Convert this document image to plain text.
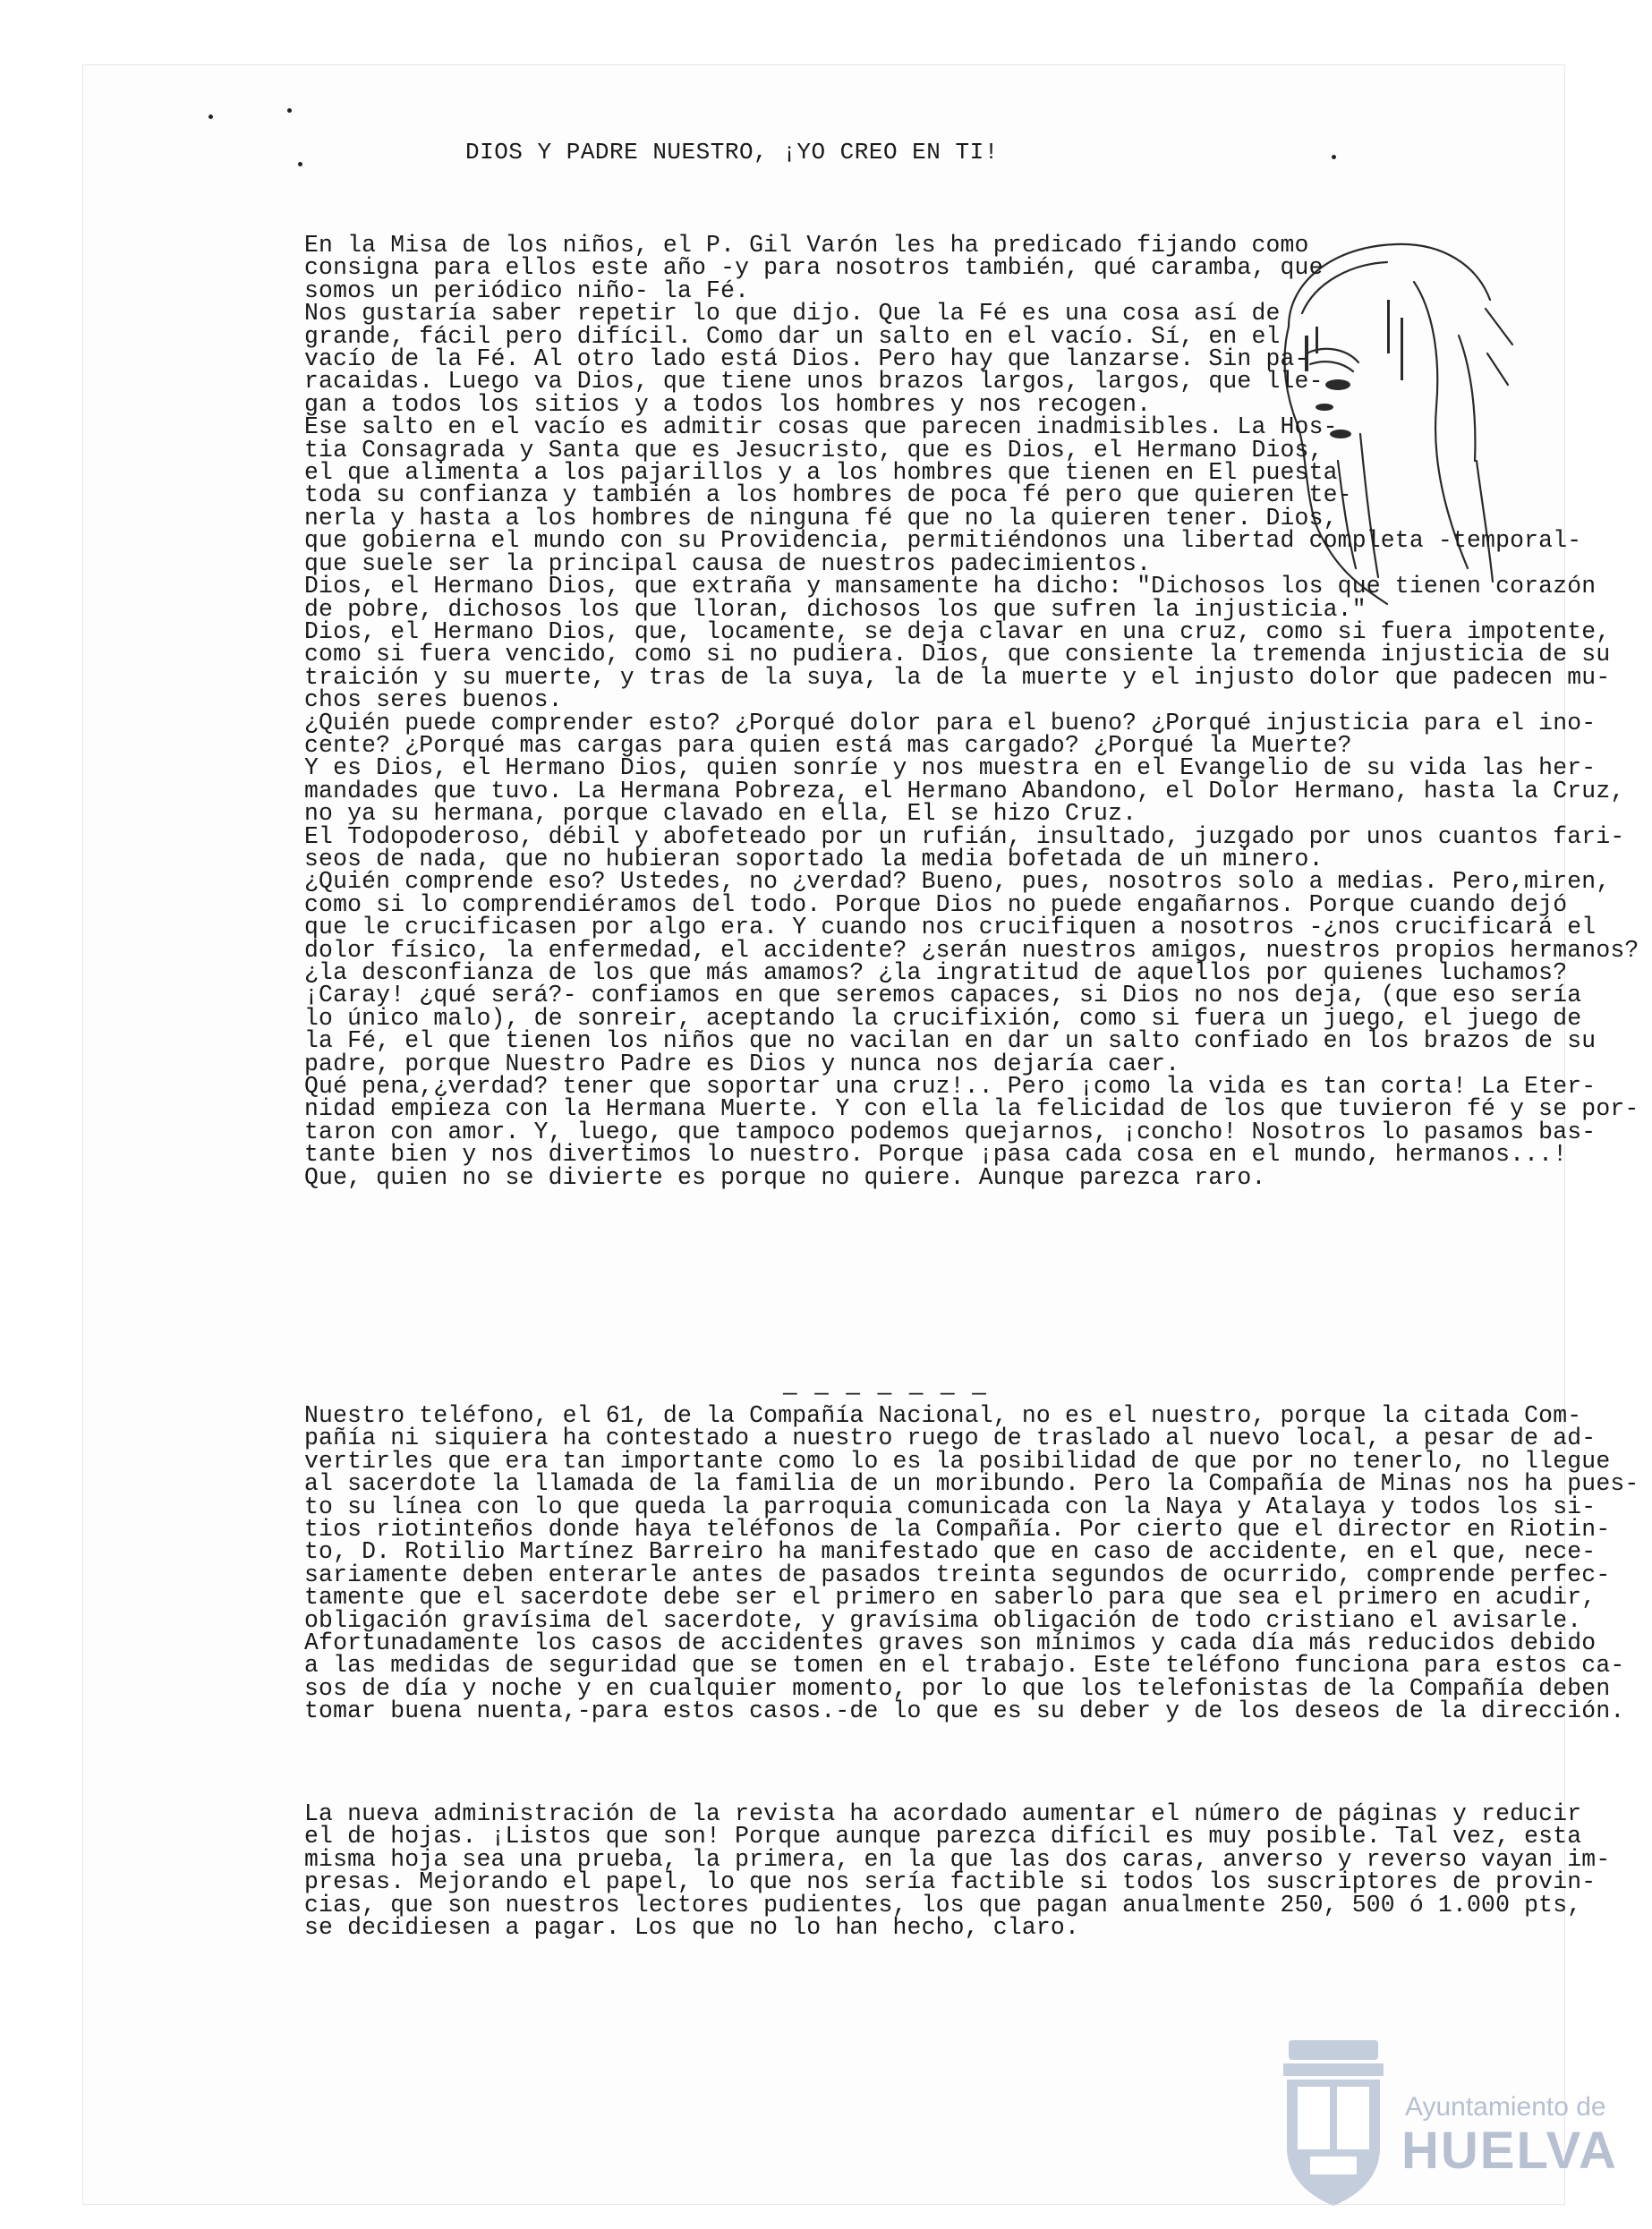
DIOS Y PADRE NUESTRO, ¡YO CREO EN TI!
En la Misa de los niños, el P. Gil Varón les ha predicado fijando como
consigna para ellos este año -y para nosotros también, qué caramba, que
somos un periódico niño- la Fé.
Nos gustaría saber repetir lo que dijo. Que la Fé es una cosa así de
grande, fácil pero difícil. Como dar un salto en el vacío. Sí, en el
vacío de la Fé. Al otro lado está Dios. Pero hay que lanzarse. Sin pa-
racaidas. Luego va Dios, que tiene unos brazos largos, largos, que lle-
gan a todos los sitios y a todos los hombres y nos recogen.
Ese salto en el vacío es admitir cosas que parecen inadmisibles. La Hos-
tia Consagrada y Santa que es Jesucristo, que es Dios, el Hermano Dios,
el que alimenta a los pajarillos y a los hombres que tienen en El puesta
toda su confianza y también a los hombres de poca fé pero que quieren te-
nerla y hasta a los hombres de ninguna fé que no la quieren tener. Dios,
que gobierna el mundo con su Providencia, permitiéndonos una libertad completa -temporal-
que suele ser la principal causa de nuestros padecimientos.
Dios, el Hermano Dios, que extraña y mansamente ha dicho: "Dichosos los que tienen
de pobre, dichosos los que lloran, dichosos los que sufren la injusticia."
Dios, el Hermano Dios, que, locamente, se deja clavar en una cruz, como si fuera impotente,
como si fuera vencido, como si no pudiera. Dios, que consiente la tremenda injusticia  su
traición y su muerte, y tras de la suya, la de la muerte y el injusto dolor que padecen mu-
chos seres buenos.
¿Quién puede comprender esto? ¿Porqué dolor para el bueno? ¿Porqué injusticia para el ino-
cente? ¿Porqué mas cargas para quien está mas cargado? ¿Porqué la Muerte?
Y es Dios, el Hermano Dios, quien sonríe y nos muestra en el Evangelio de su vida las her-
mandades que tuvo. La Hermana Pobreza, el Hermano Abandono, el Dolor Hermano, hasta la Cruz,
no ya su hermana, porque clavado en ella, El se hizo Cruz.
El Todopoderoso, débil y abofeteado por un rufián, insultado, juzgado por unos cuantos fari-
seos de nada, que no hubieran soportado la media bofetada de un minero.
¿Quién comprende eso? Ustedes, no ¿verdad? Bueno, pues, nosotros solo a medias. Pero,miren,
como si lo comprendiéramos del todo. Porque Dios no puede engañarnos. Porque cuando dejó
que le crucificasen por algo era. Y cuando nos crucifiquen a nosotros -¿nos crucificará el
dolor físico, la enfermedad, el accidente? ¿serán nuestros amigos, nuestros propios hermanos?
¿la desconfianza de los que más amamos? ¿la ingratitud de aquellos por quienes luchamos?
¡Caray! ¿qué será?- confiamos en que seremos capaces, si Dios no nos deja, (que eso
lo único malo), de sonreir, aceptando la crucifixión, como si fuera un juego, el juego de
la Fé, el que tienen los niños que no vacilan en dar un salto confiado en los brazos de su
padre, porque Nuestro Padre es Dios y nunca nos dejaría caer.
Qué pena,¿verdad? tener que soportar una cruz!.. Pero ¡como la vida es tan corta! La
nidad empieza con la Hermana Muerte. Y con ella la felicidad de los que tuvieron fé y  por-
taron con amor. Y, luego, que tampoco podemos quejarnos, ¡concho! Nosotros lo pasamos bas-
tante bien y nos divertimos lo nuestro. Porque ¡pasa cada cosa en el mundo, hermanos...!
Que, quien no se divierte es porque no quiere. Aunque parezca raro.
— — — — — — —
Nuestro teléfono, el 61, de la Compañía Nacional, no es el nuestro, porque la citada
pañía ni siquiera ha contestado a nuestro ruego de traslado al nuevo local, a pesar de ad-
vertirles que era tan importante como lo es la posibilidad de que por no tenerlo, no llegue
al sacerdote la llamada de la familia de un moribundo. Pero la Compañía de Minas nos ha pues-
to su línea con lo que queda la parroquia comunicada con la Naya y Atalaya y todos los si-
tios riotinteños donde haya teléfonos de la Compañía. Por cierto que el director en
to, D. Rotilio Martínez Barreiro ha manifestado que en caso de accidente, en el que,
sariamente deben enterarle antes de pasados treinta segundos de ocurrido, comprende
tamente que el sacerdote debe ser el primero en saberlo para que sea el primero en
obligación gravísima del sacerdote, y gravísima obligación de todo cristiano el avisarle.
Afortunadamente los casos de accidentes graves son mínimos y cada día más reducidos
a las medidas de seguridad que se tomen en el trabajo. Este teléfono funciona para estos ca-
sos de día y noche y en cualquier momento, por lo que los telefonistas de la Compañía deben
tomar buena nuenta,-para estos casos.-de lo que es su deber y de los deseos de la
La nueva administración de la revista ha acordado aumentar el número de páginas y reducir
el de hojas. ¡Listos que son! Porque aunque parezca difícil es muy posible. Tal vez,
misma hoja sea una prueba, la primera, en la que las dos caras, anverso y reverso vayan im-
presas. Mejorando el papel, lo que nos sería factible si todos los suscriptores de
cias, que son nuestros lectores pudientes, los que pagan anualmente 250, 500 ó 1.000
se decidiesen a pagar. Los que no lo han hecho, claro.
Ayuntamiento de
HUELVA
